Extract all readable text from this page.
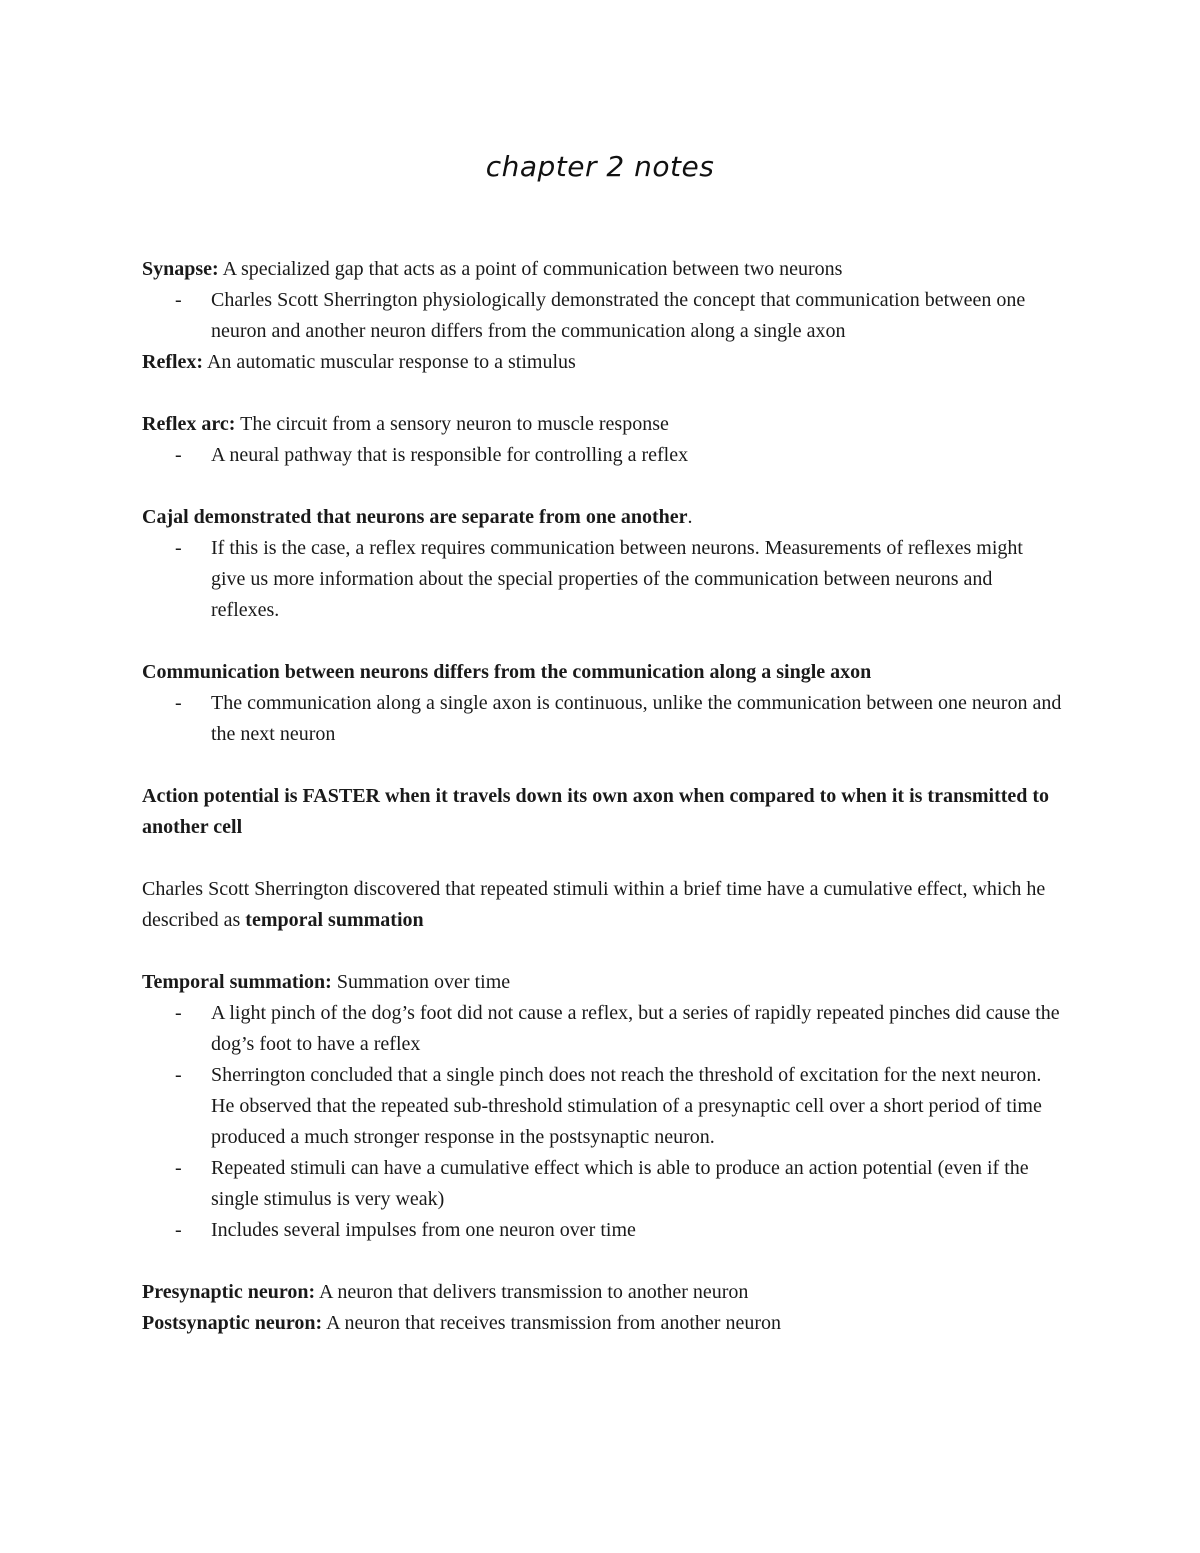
chapter 2 notes

Synapse: A specialized gap that acts as a point of communication between two neurons

- Charles Scott Sherrington physiologically demonstrated the concept that communication between one neuron and another neuron differs from the communication along a single axon

Reflex: An automatic muscular response to a stimulus

Reflex arc: The circuit from a sensory neuron to muscle response

- A neural pathway that is responsible for controlling a reflex

Cajal demonstrated that neurons are separate from one another.

- If this is the case, a reflex requires communication between neurons. Measurements of reflexes might give us more information about the special properties of the communication between neurons and reflexes.

Communication between neurons differs from the communication along a single axon

- The communication along a single axon is continuous, unlike the communication between one neuron and the next neuron

Action potential is FASTER when it travels down its own axon when compared to when it is transmitted to another cell

Charles Scott Sherrington discovered that repeated stimuli within a brief time have a cumulative effect, which he described as temporal summation

Temporal summation: Summation over time

- A light pinch of the dog’s foot did not cause a reflex, but a series of rapidly repeated pinches did cause the dog’s foot to have a reflex
- Sherrington concluded that a single pinch does not reach the threshold of excitation for the next neuron. He observed that the repeated sub-threshold stimulation of a presynaptic cell over a short period of time produced a much stronger response in the postsynaptic neuron.
- Repeated stimuli can have a cumulative effect which is able to produce an action potential (even if the single stimulus is very weak)
- Includes several impulses from one neuron over time

Presynaptic neuron: A neuron that delivers transmission to another neuron

Postsynaptic neuron: A neuron that receives transmission from another neuron
